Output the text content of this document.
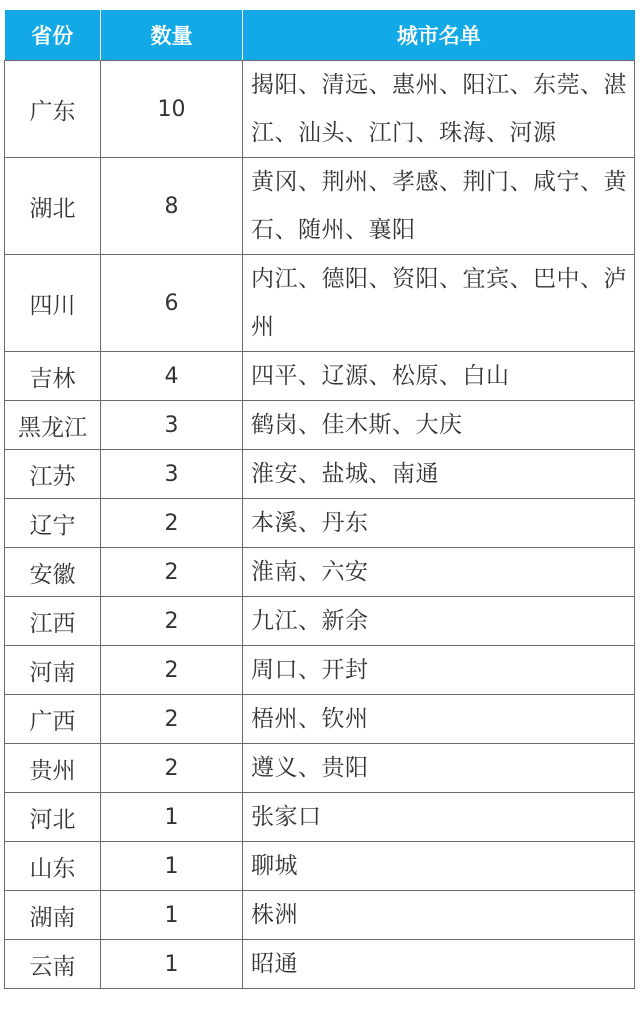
省份	数量	城市名单
广东	10	揭阳、清远、惠州、阳江、东莞、湛江、汕头、江门、珠海、河源
湖北	8	黄冈、荆州、孝感、荆门、咸宁、黄石、随州、襄阳
四川	6	内江、德阳、资阳、宜宾、巴中、泸州
吉林	4	四平、辽源、松原、白山
黑龙江	3	鹤岗、佳木斯、大庆
江苏	3	淮安、盐城、南通
辽宁	2	本溪、丹东
安徽	2	淮南、六安
江西	2	九江、新余
河南	2	周口、开封
广西	2	梧州、钦州
贵州	2	遵义、贵阳
河北	1	张家口
山东	1	聊城
湖南	1	株洲
云南	1	昭通
